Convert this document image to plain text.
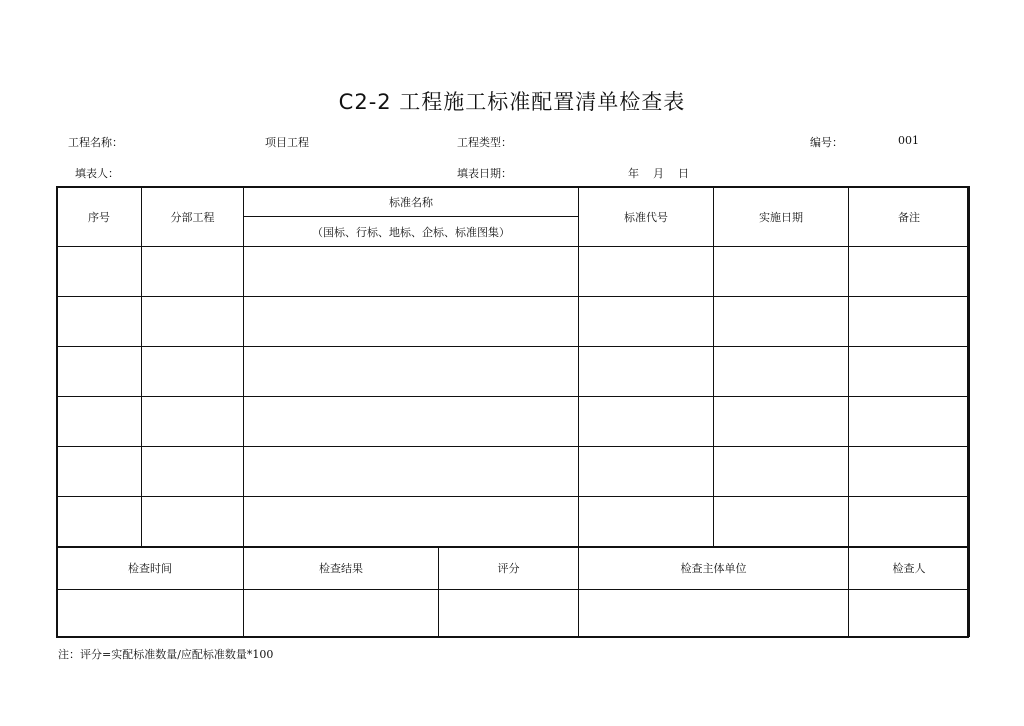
C2-2 工程施工标准配置清单检查表
工程名称：	项目工程	工程类型：	编号：	001
填表人：	填表日期：	年    月    日
序号	分部工程	标准名称		标准代号	实施日期	备注
		（国标、行标、地标、企标、标准图集）				

检查时间		检查结果	评分	检查主体单位		检查人

注：评分=实配标准数量/应配标准数量*100
